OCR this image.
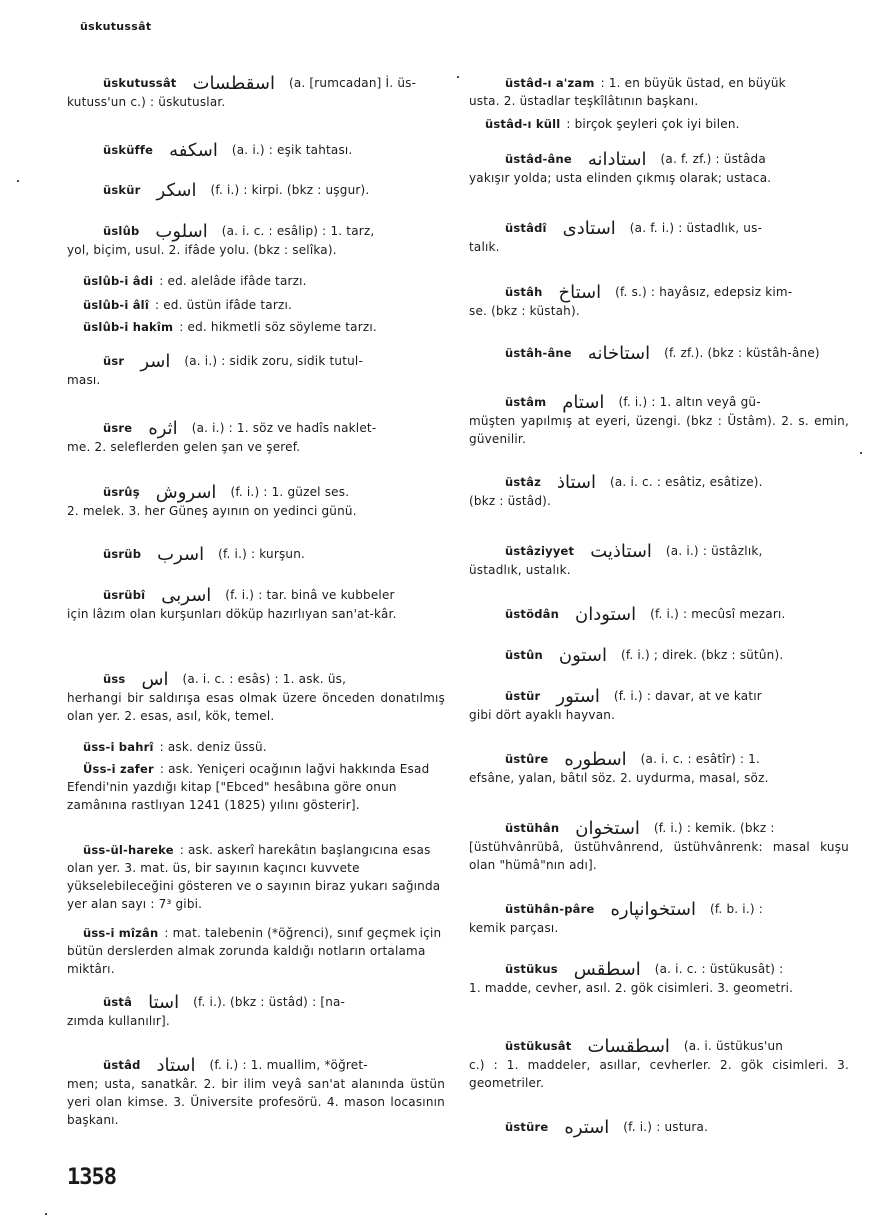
üskutussât
üskutussât اسقطسات (a. [rumcadan] İ. üs-
kutuss'un c.) : üskutuslar.
üsküffe اسکفه (a. i.) : eşik tahtası.
üskür اسکر (f. i.) : kirpi. (bkz : uşgur).
üslûb اسلوب (a. i. c. : esâlip) : 1. tarz,
yol, biçim, usul. 2. ifâde yolu. (bkz : selîka).
üslûb-i âdi : ed. alelâde ifâde tarzı.
üslûb-i âlî : ed. üstün ifâde tarzı.
üslûb-i hakîm : ed. hikmetli söz söyleme tarzı.
üsr اسر (a. i.) : sidik zoru, sidik tutul-
ması.
üsre اثره (a. i.) : 1. söz ve hadîs naklet-
me. 2. seleflerden gelen şan ve şeref.
üsrûş اسروش (f. i.) : 1. güzel ses.
2. melek. 3. her Güneş ayının on yedinci günü.
üsrüb اسرب (f. i.) : kurşun.
üsrübî اسربی (f. i.) : tar. binâ ve kubbeler
için lâzım olan kurşunları döküp hazırlıyan san'at-kâr.
üss اس (a. i. c. : esâs) : 1. ask. üs,
herhangi bir saldırışa esas olmak üzere önceden donatılmış olan yer. 2. esas, asıl, kök, temel.
üss-i bahrî : ask. deniz üssü.
Üss-i zafer : ask. Yeniçeri ocağının lağvi hakkında Esad Efendi'nin yazdığı kitap ["Ebced" hesâbına göre onun zamânına rastlıyan 1241 (1825) yılını gösterir].
üss-ül-hareke : ask. askerî harekâtın başlangıcına esas olan yer. 3. mat. üs, bir sayının kaçıncı kuvvete yükselebileceğini gösteren ve o sayının biraz yukarı sağında yer alan sayı : 7³ gibi.
üss-i mîzân : mat. talebenin (*öğrenci), sınıf geçmek için bütün derslerden almak zorunda kaldığı notların ortalama miktârı.
üstâ استا (f. i.). (bkz : üstâd) : [na-
zımda kullanılır].
üstâd استاد (f. i.) : 1. muallim, *öğret-
men; usta, sanatkâr. 2. bir ilim veyâ san'at alanında üstün yeri olan kimse. 3. Üniversite profesörü. 4. mason locasının başkanı.
üstâd-ı a'zam : 1. en büyük üstad, en büyük
usta. 2. üstadlar teşkîlâtının başkanı.
üstâd-ı küll : birçok şeyleri çok iyi bilen.
üstâd-âne استادانه (a. f. zf.) : üstâda
yakışır yolda; usta elinden çıkmış olarak; ustaca.
üstâdî استادی (a. f. i.) : üstadlık, us-
talık.
üstâh استاخ (f. s.) : hayâsız, edepsiz kim-
se. (bkz : küstah).
üstâh-âne استاخانه (f. zf.). (bkz : küstâh-âne)
üstâm استام (f. i.) : 1. altın veyâ gü-
müşten yapılmış at eyeri, üzengi. (bkz : Üstâm). 2. s. emin, güvenilir.
üstâz استاذ (a. i. c. : esâtiz, esâtize).
(bkz : üstâd).
üstâziyyet استاذیت (a. i.) : üstâzlık,
üstadlık, ustalık.
üstödân استودان (f. i.) : mecûsî mezarı.
üstûn استون (f. i.) ; direk. (bkz : sütûn).
üstür استور (f. i.) : davar, at ve katır
gibi dört ayaklı hayvan.
üstûre اسطوره (a. i. c. : esâtîr) : 1.
efsâne, yalan, bâtıl söz. 2. uydurma, masal, söz.
üstühân استخوان (f. i.) : kemik. (bkz :
[üstühvânrübâ, üstühvânrend, üstühvânrenk: masal kuşu olan "hümâ"nın adı].
üstühân-pâre استخوانپاره (f. b. i.) :
kemik parçası.
üstükus اسطقس (a. i. c. : üstükusât) :
1. madde, cevher, asıl. 2. gök cisimleri. 3. geometri.
üstükusât اسطقسات (a. i. üstükus'un
c.) : 1. maddeler, asıllar, cevherler. 2. gök cisimleri. 3. geometriler.
üstüre استره (f. i.) : ustura.
1358
